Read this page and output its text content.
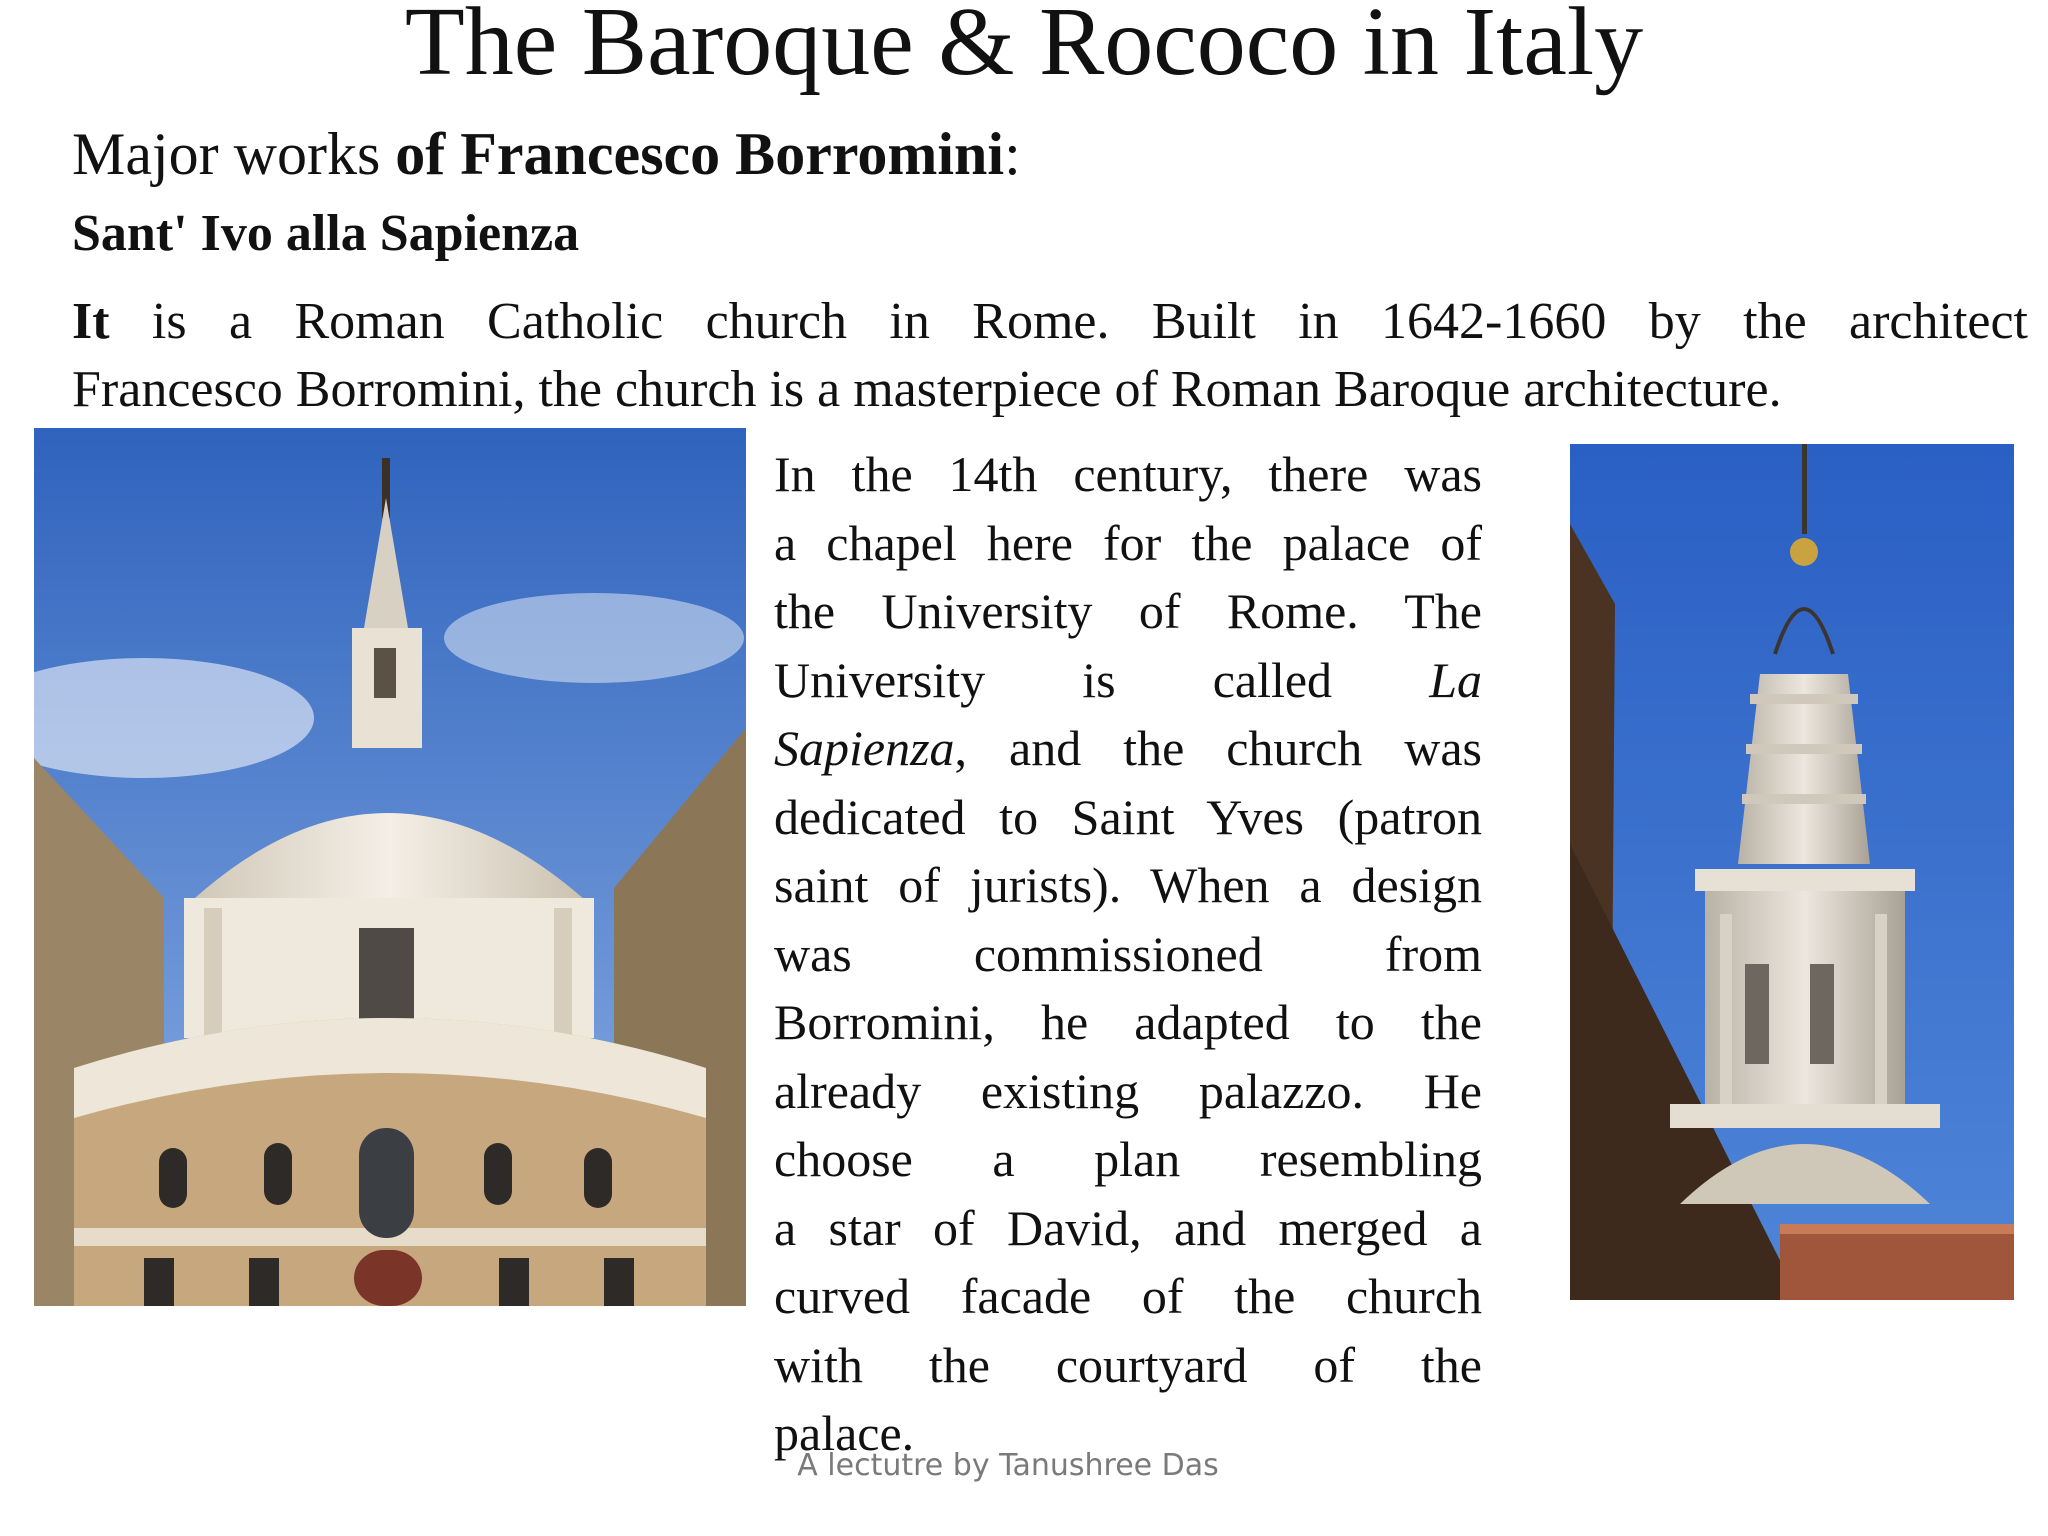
The Baroque & Rococo in Italy
Major works of Francesco Borromini:
Sant' Ivo alla Sapienza
It is a Roman Catholic church in Rome. Built in 1642-1660 by the architect
Francesco Borromini, the church is a masterpiece of Roman Baroque architecture.
In the 14th century, there was
a chapel here for the palace of
the University of Rome. The
University is called La
Sapienza, and the church was
dedicated to Saint Yves (patron
saint of jurists). When a design
was commissioned from
Borromini, he adapted to the
already existing palazzo. He
choose a plan resembling
a star of David, and merged a
curved facade of the church
with the courtyard of the
palace.
A lectutre by Tanushree Das
